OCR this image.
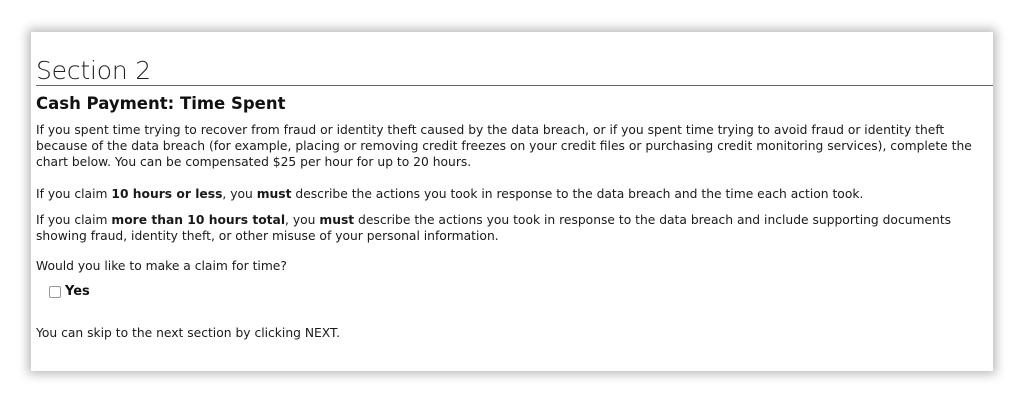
Section 2
Cash Payment: Time Spent
If you spent time trying to recover from fraud or identity theft caused by the data breach, or if you spent time trying to avoid fraud or identity theft because of the data breach (for example, placing or removing credit freezes on your credit files or purchasing credit monitoring services), complete the chart below. You can be compensated $25 per hour for up to 20 hours.
If you claim 10 hours or less, you must describe the actions you took in response to the data breach and the time each action took.
If you claim more than 10 hours total, you must describe the actions you took in response to the data breach and include supporting documents showing fraud, identity theft, or other misuse of your personal information.
Would you like to make a claim for time?
Yes
You can skip to the next section by clicking NEXT.
